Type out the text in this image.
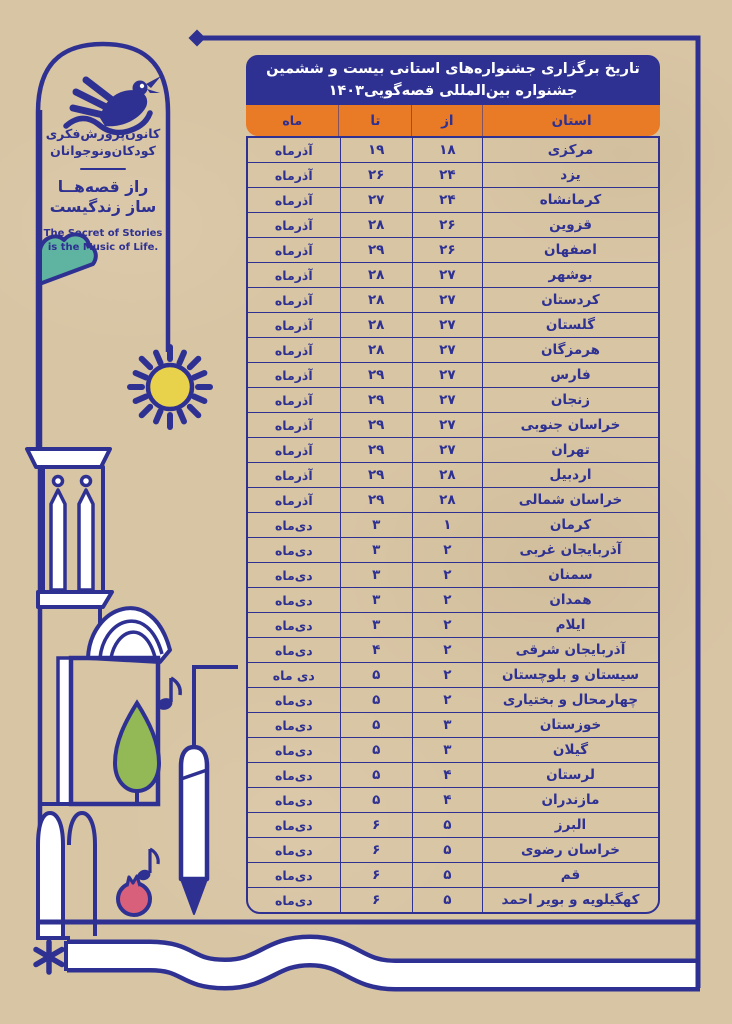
کانون‌پرورش‌فکری
کودکان‌ونوجوانان
راز قصه‌هــا
ساز زندگیست
The Secret of Stories
is the Music of Life.
تاریخ برگزاری جشنواره‌های استانی بیست و ششمین
جشنواره بین‌المللی قصه‌گویی۱۴۰۳
استان
از
تا
ماه
مرکزی
۱۸
۱۹
آذرماه
یزد
۲۴
۲۶
آذرماه
کرمانشاه
۲۴
۲۷
آذرماه
قزوین
۲۶
۲۸
آذرماه
اصفهان
۲۶
۲۹
آذرماه
بوشهر
۲۷
۲۸
آذرماه
کردستان
۲۷
۲۸
آذرماه
گلستان
۲۷
۲۸
آذرماه
هرمزگان
۲۷
۲۸
آذرماه
فارس
۲۷
۲۹
آذرماه
زنجان
۲۷
۲۹
آذرماه
خراسان جنوبی
۲۷
۲۹
آذرماه
تهران
۲۷
۲۹
آذرماه
اردبیل
۲۸
۲۹
آذرماه
خراسان شمالی
۲۸
۲۹
آذرماه
کرمان
۱
۳
دی‌ماه
آذربایجان غربی
۲
۳
دی‌ماه
سمنان
۲
۳
دی‌ماه
همدان
۲
۳
دی‌ماه
ایلام
۲
۳
دی‌ماه
آذربایجان شرقی
۲
۴
دی‌ماه
سیستان و بلوچستان
۲
۵
دی ماه
چهارمحال و بختیاری
۲
۵
دی‌ماه
خوزستان
۳
۵
دی‌ماه
گیلان
۳
۵
دی‌ماه
لرستان
۴
۵
دی‌ماه
مازندران
۴
۵
دی‌ماه
البرز
۵
۶
دی‌ماه
خراسان رضوی
۵
۶
دی‌ماه
قم
۵
۶
دی‌ماه
کهگیلویه و بویر احمد
۵
۶
دی‌ماه
